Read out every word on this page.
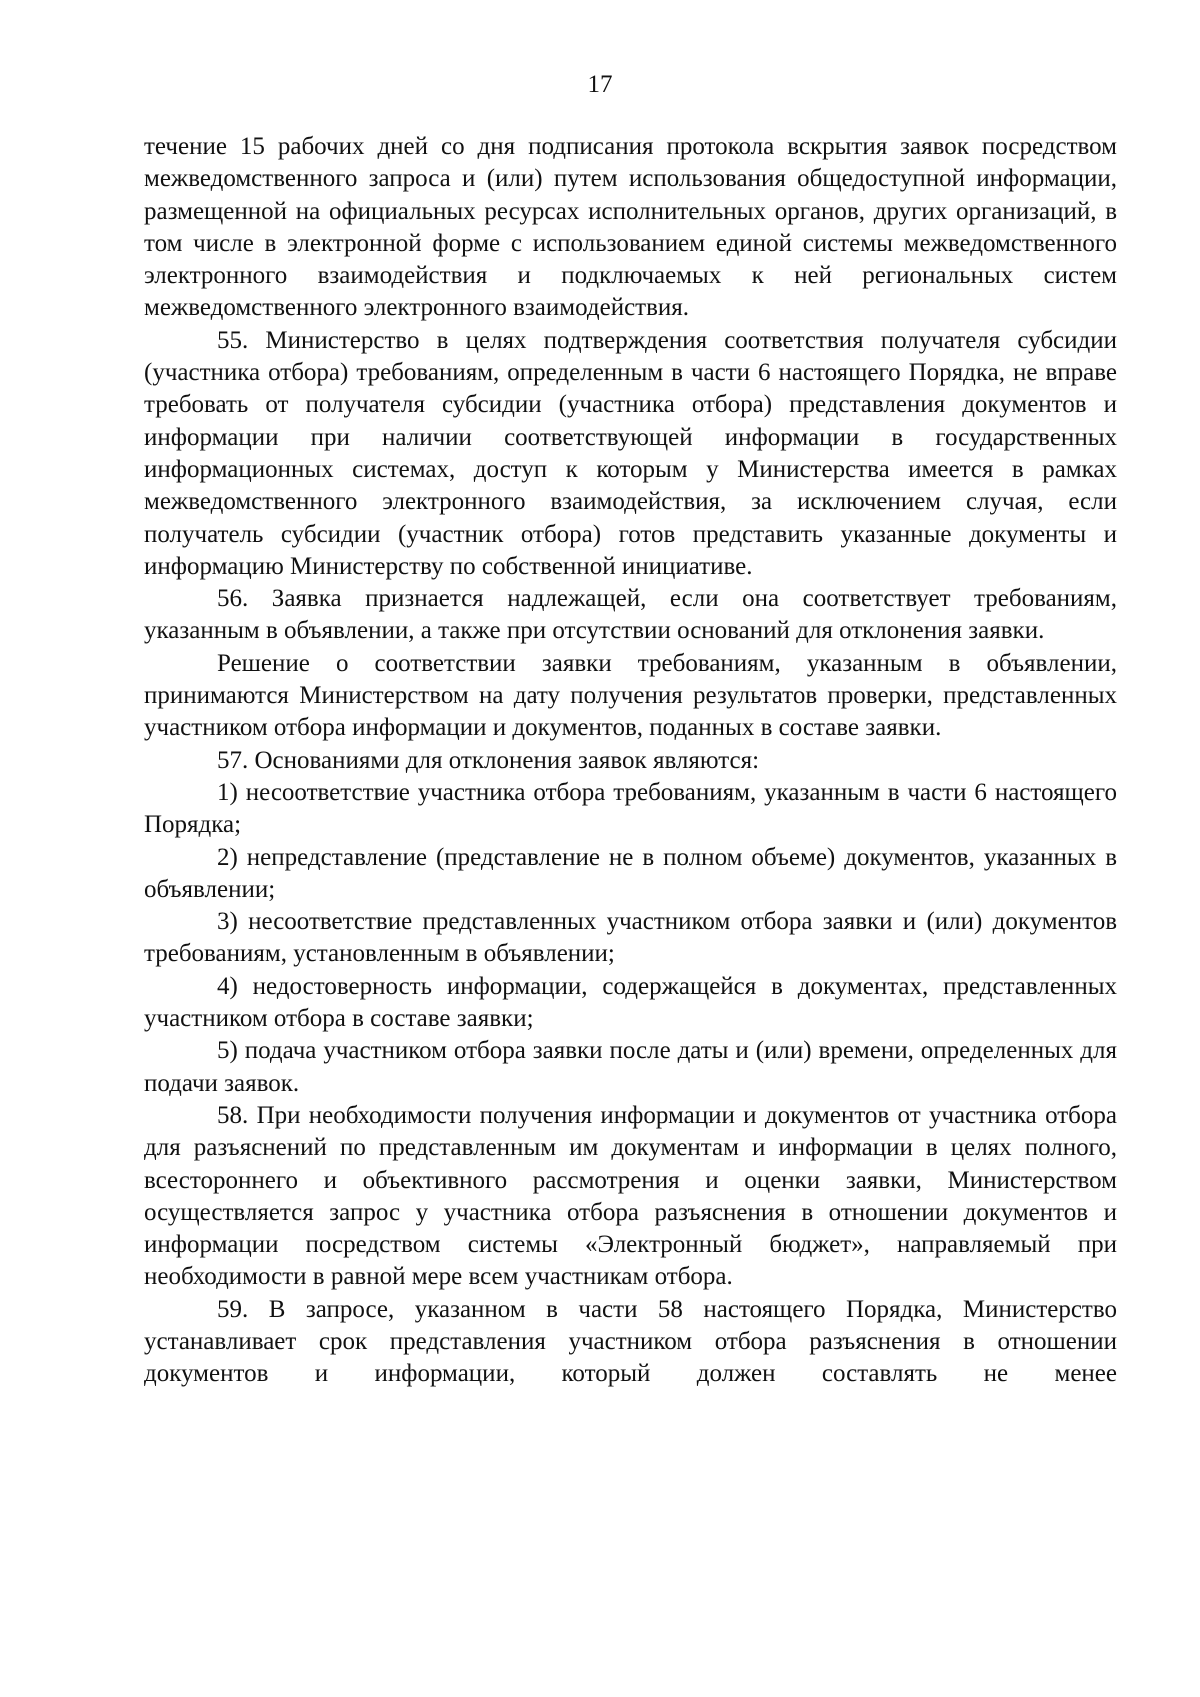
17

течение 15 рабочих дней со дня подписания протокола вскрытия заявок посредством межведомственного запроса и (или) путем использования общедоступной информации, размещенной на официальных ресурсах исполнительных органов, других организаций, в том числе в электронной форме с использованием единой системы межведомственного электронного взаимодействия и подключаемых к ней региональных систем межведомственного электронного взаимодействия.

55. Министерство в целях подтверждения соответствия получателя субсидии (участника отбора) требованиям, определенным в части 6 настоящего Порядка, не вправе требовать от получателя субсидии (участника отбора) представления документов и информации при наличии соответствующей информации в государственных информационных системах, доступ к которым у Министерства имеется в рамках межведомственного электронного взаимодействия, за исключением случая, если получатель субсидии (участник отбора) готов представить указанные документы и информацию Министерству по собственной инициативе.

56. Заявка признается надлежащей, если она соответствует требованиям, указанным в объявлении, а также при отсутствии оснований для отклонения заявки.

Решение о соответствии заявки требованиям, указанным в объявлении, принимаются Министерством на дату получения результатов проверки, представленных участником отбора информации и документов, поданных в составе заявки.

57. Основаниями для отклонения заявок являются:

1) несоответствие участника отбора требованиям, указанным в части 6 настоящего Порядка;

2) непредставление (представление не в полном объеме) документов, указанных в объявлении;

3) несоответствие представленных участником отбора заявки и (или) документов требованиям, установленным в объявлении;

4) недостоверность информации, содержащейся в документах, представленных участником отбора в составе заявки;

5) подача участником отбора заявки после даты и (или) времени, определенных для подачи заявок.

58. При необходимости получения информации и документов от участника отбора для разъяснений по представленным им документам и информации в целях полного, всестороннего и объективного рассмотрения и оценки заявки, Министерством осуществляется запрос у участника отбора разъяснения в отношении документов и информации посредством системы «Электронный бюджет», направляемый при необходимости в равной мере всем участникам отбора.

59. В запросе, указанном в части 58 настоящего Порядка, Министерство устанавливает срок представления участником отбора разъяснения в отношении документов и информации, который должен составлять не менее
